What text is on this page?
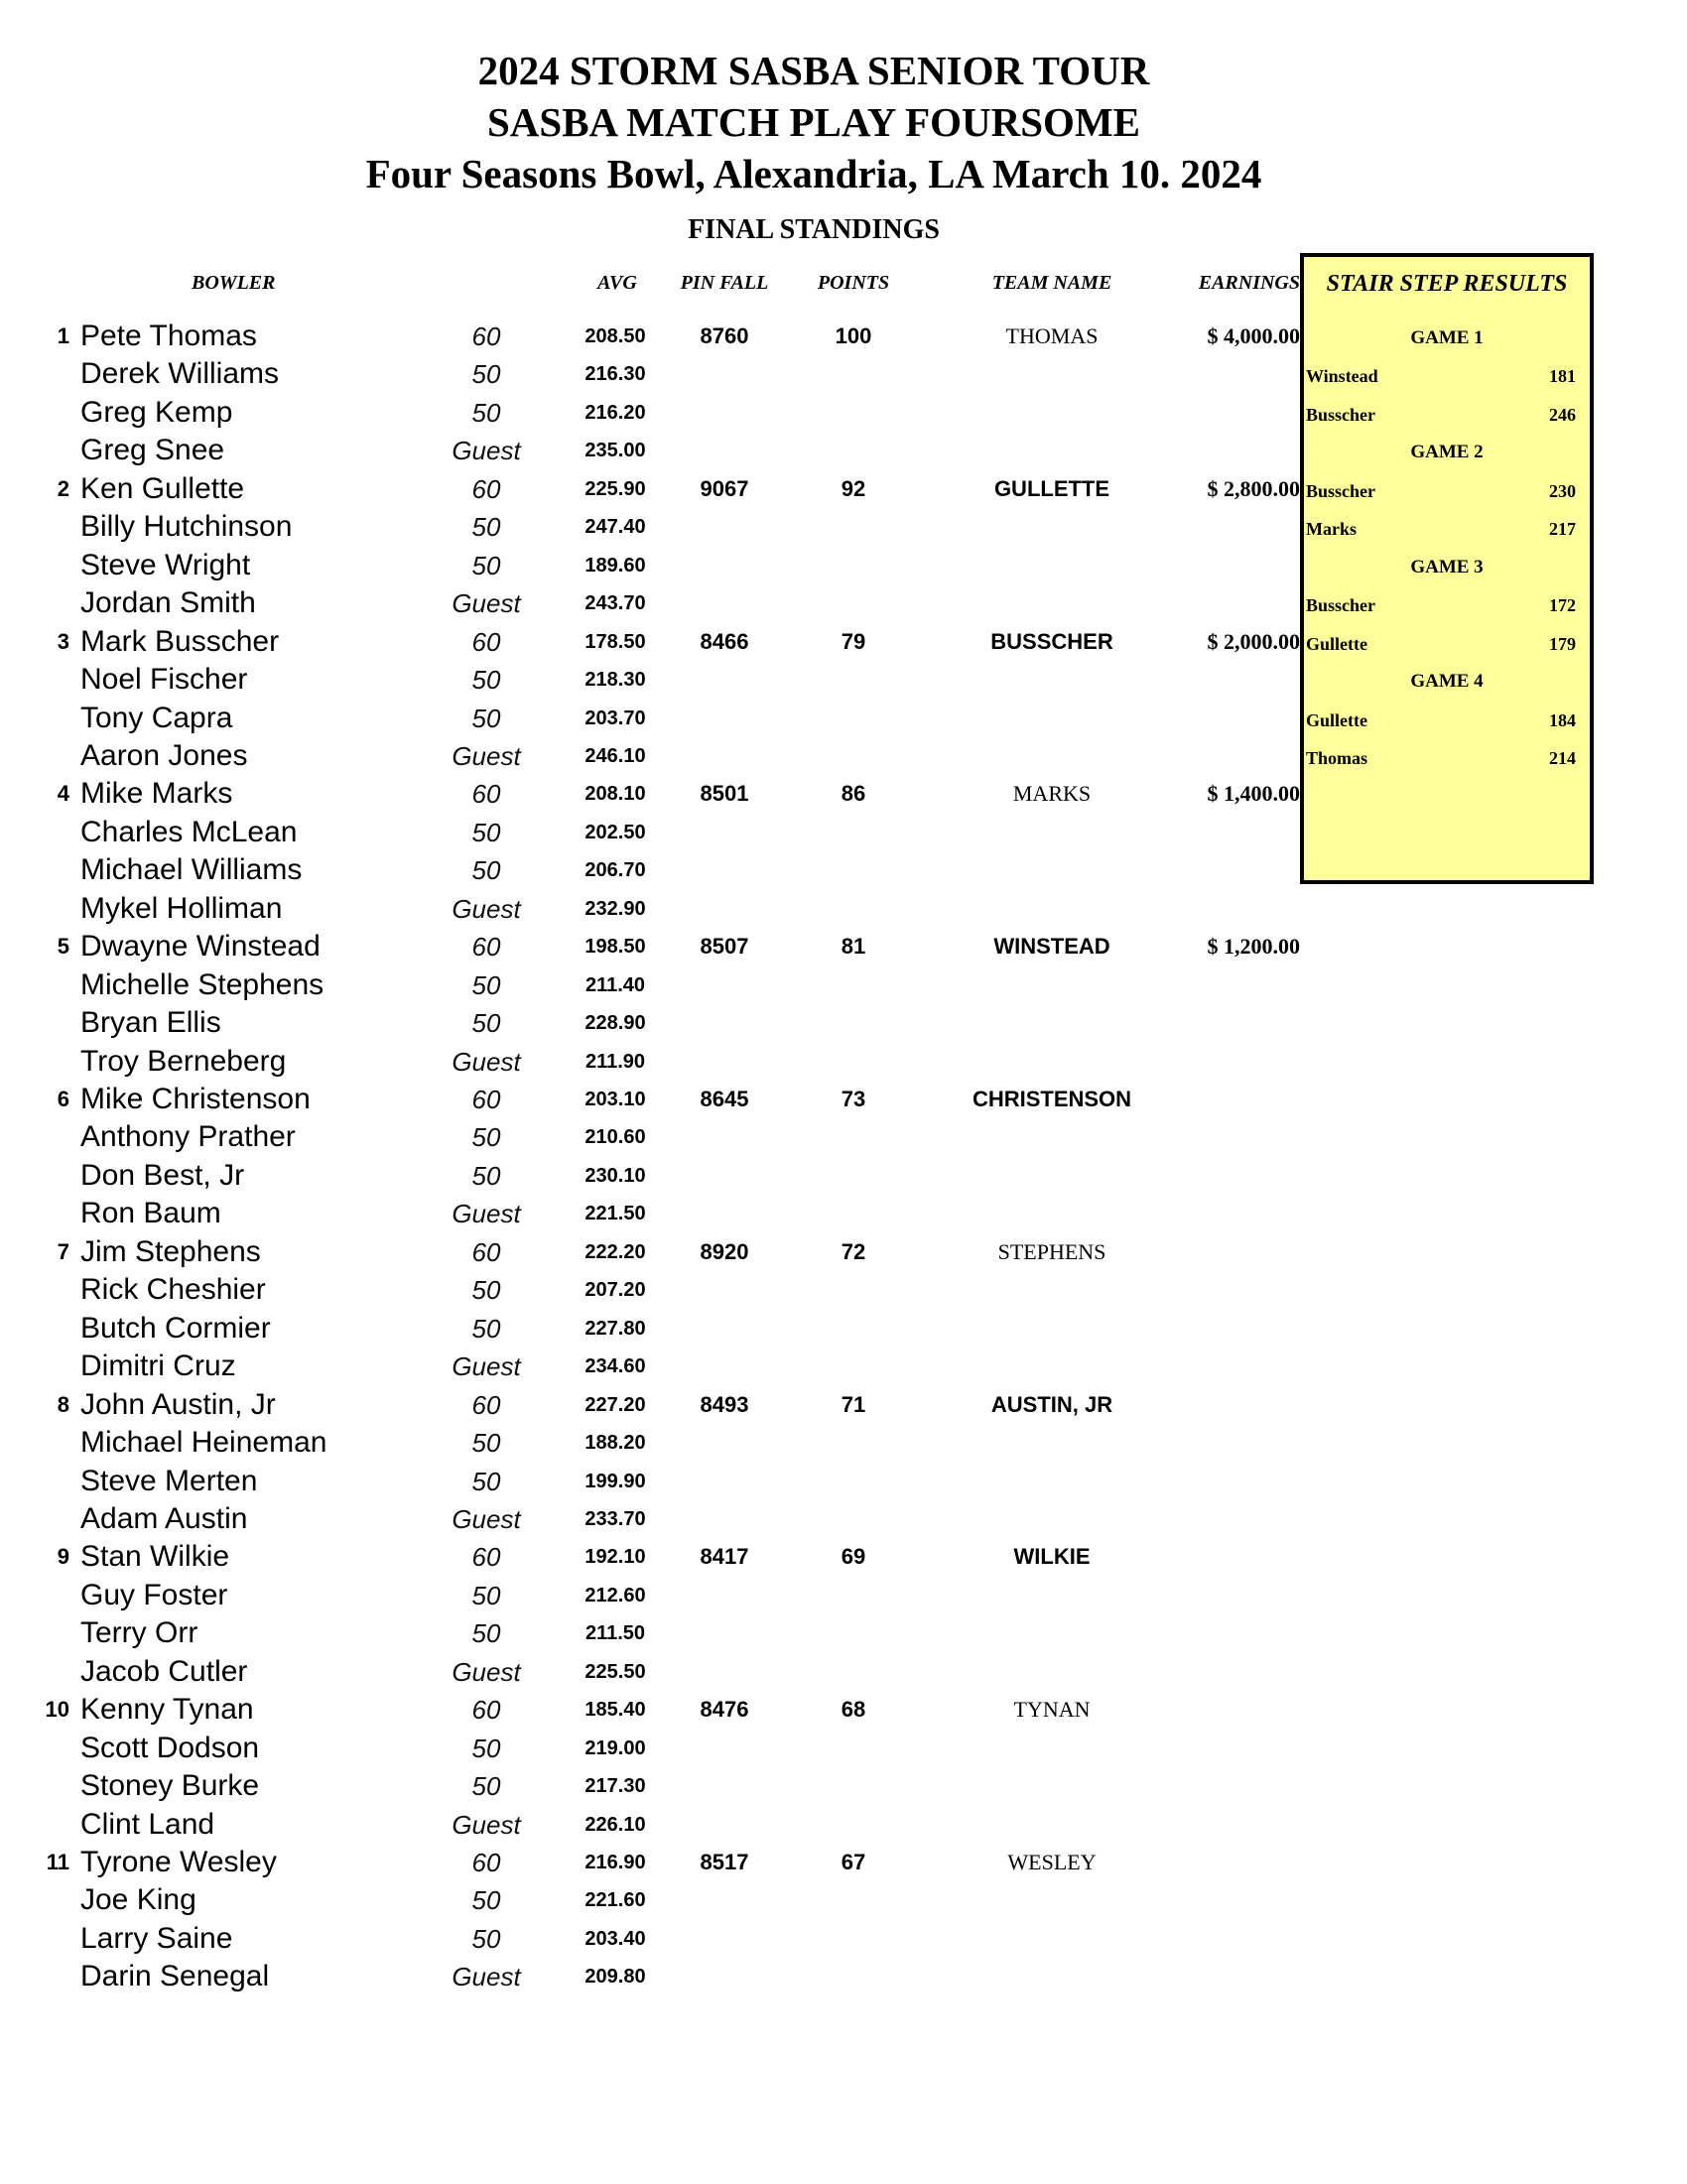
2024 STORM SASBA SENIOR TOUR
SASBA MATCH PLAY FOURSOME
Four Seasons Bowl, Alexandria, LA March 10. 2024
FINAL STANDINGS
BOWLER	AVG	PIN FALL	POINTS	TEAM NAME	EARNINGS
1 Pete Thomas	60	208.50	8760	100	THOMAS	$ 4,000.00
Derek Williams	50	216.30
Greg Kemp	50	216.20
Greg Snee	Guest	235.00
2 Ken Gullette	60	225.90	9067	92	GULLETTE	$ 2,800.00
Billy Hutchinson	50	247.40
Steve Wright	50	189.60
Jordan Smith	Guest	243.70
3 Mark Busscher	60	178.50	8466	79	BUSSCHER	$ 2,000.00
Noel Fischer	50	218.30
Tony Capra	50	203.70
Aaron Jones	Guest	246.10
4 Mike Marks	60	208.10	8501	86	MARKS	$ 1,400.00
Charles McLean	50	202.50
Michael Williams	50	206.70
Mykel Holliman	Guest	232.90
5 Dwayne Winstead	60	198.50	8507	81	WINSTEAD	$ 1,200.00
Michelle Stephens	50	211.40
Bryan Ellis	50	228.90
Troy Berneberg	Guest	211.90
6 Mike Christenson	60	203.10	8645	73	CHRISTENSON
Anthony Prather	50	210.60
Don Best, Jr	50	230.10
Ron Baum	Guest	221.50
7 Jim Stephens	60	222.20	8920	72	STEPHENS
Rick Cheshier	50	207.20
Butch Cormier	50	227.80
Dimitri Cruz	Guest	234.60
8 John Austin, Jr	60	227.20	8493	71	AUSTIN, JR
Michael Heineman	50	188.20
Steve Merten	50	199.90
Adam Austin	Guest	233.70
9 Stan Wilkie	60	192.10	8417	69	WILKIE
Guy Foster	50	212.60
Terry Orr	50	211.50
Jacob Cutler	Guest	225.50
10 Kenny Tynan	60	185.40	8476	68	TYNAN
Scott Dodson	50	219.00
Stoney Burke	50	217.30
Clint Land	Guest	226.10
11 Tyrone Wesley	60	216.90	8517	67	WESLEY
Joe King	50	221.60
Larry Saine	50	203.40
Darin Senegal	Guest	209.80
STAIR STEP RESULTS
GAME 1
Winstead	181
Busscher	246
GAME 2
Busscher	230
Marks	217
GAME 3
Busscher	172
Gullette	179
GAME 4
Gullette	184
Thomas	214
